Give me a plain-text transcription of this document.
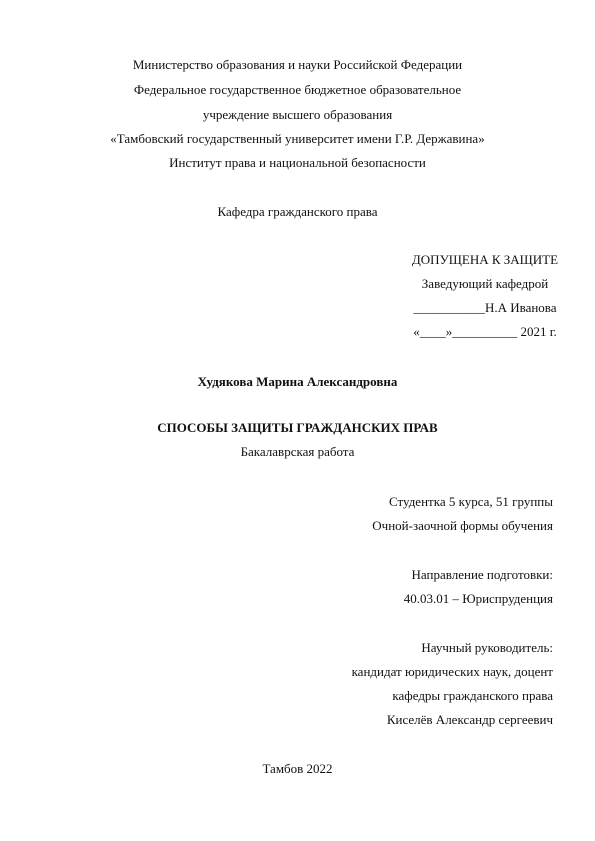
Министерство образования и науки Российской Федерации
Федеральное государственное бюджетное образовательное
учреждение высшего образования
«Тамбовский государственный университет имени Г.Р. Державина»
Институт права и национальной безопасности
Кафедра гражданского права
ДОПУЩЕНА К ЗАЩИТЕ
Заведующий кафедрой
___________Н.А Иванова
«____»__________ 2021 г.
Худякова Марина Александровна
СПОСОБЫ ЗАЩИТЫ ГРАЖДАНСКИХ ПРАВ
Бакалаврская работа
Студентка 5 курса, 51 группы
Очной-заочной формы обучения
Направление подготовки:
40.03.01 – Юриспруденция
Научный руководитель:
кандидат юридических наук, доцент
кафедры гражданского права
Киселёв Александр сергеевич
Тамбов 2022
